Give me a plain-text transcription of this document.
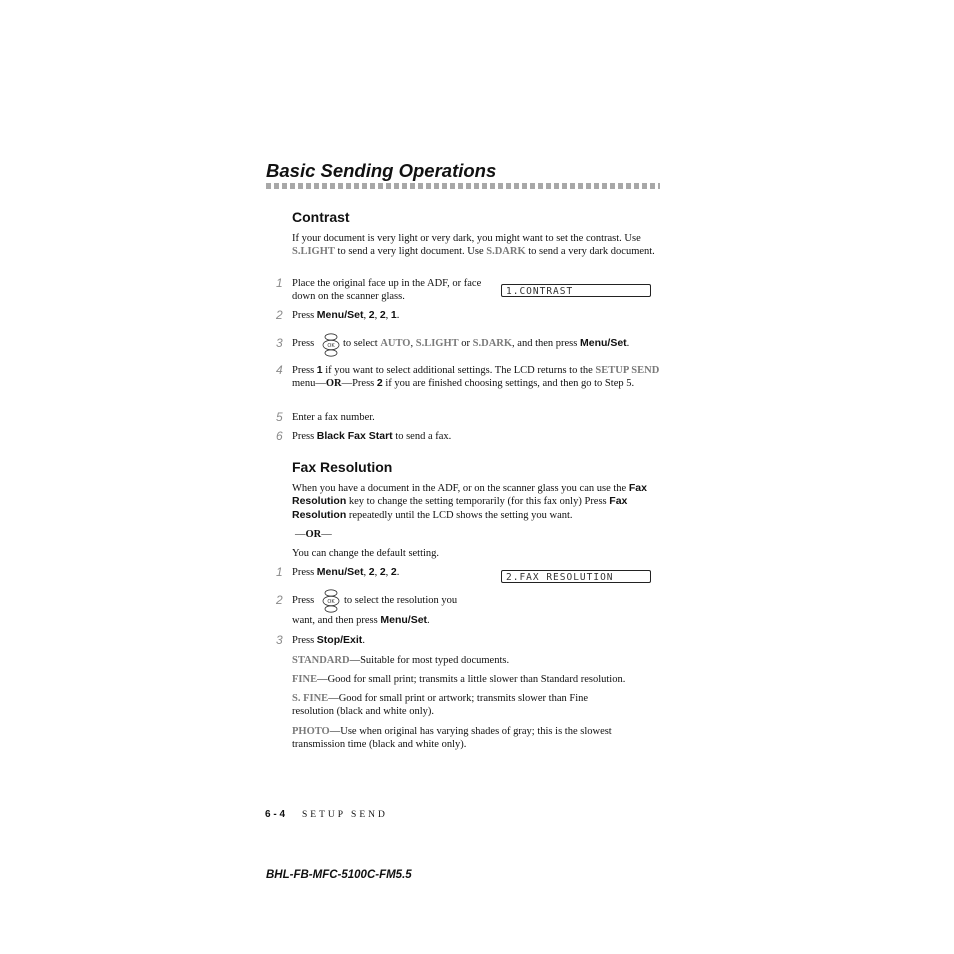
Basic Sending Operations
Contrast
If your document is very light or very dark, you might want to set the contrast. Use S.LIGHT to send a very light document. Use S.DARK to send a very dark document.
1 Place the original face up in the ADF, or face down on the scanner glass.	1.CONTRAST
2 Press Menu/Set, 2, 2, 1.
3 Press	OK to select AUTO, S.LIGHT or S.DARK, and then press Menu/Set.
4 Press 1 if you want to select additional settings. The LCD returns to the SETUP SEND menu—OR—Press 2 if you are finished choosing settings, and then go to Step 5.
5 Enter a fax number.
6 Press Black Fax Start to send a fax.
Fax Resolution
When you have a document in the ADF, or on the scanner glass you can use the Fax Resolution key to change the setting temporarily (for this fax only) Press Fax Resolution repeatedly until the LCD shows the setting you want.
—OR—
You can change the default setting.
1 Press Menu/Set, 2, 2, 2.	2.FAX RESOLUTION
2 Press	OK to select the resolution you
want, and then press Menu/Set.
3 Press Stop/Exit.
STANDARD—Suitable for most typed documents.
FINE—Good for small print; transmits a little slower than Standard resolution.
S. FINE—Good for small print or artwork; transmits slower than Fine resolution (black and white only).
PHOTO—Use when original has varying shades of gray; this is the slowest transmission time (black and white only).
6 - 4 SETUP SEND
BHL-FB-MFC-5100C-FM5.5
